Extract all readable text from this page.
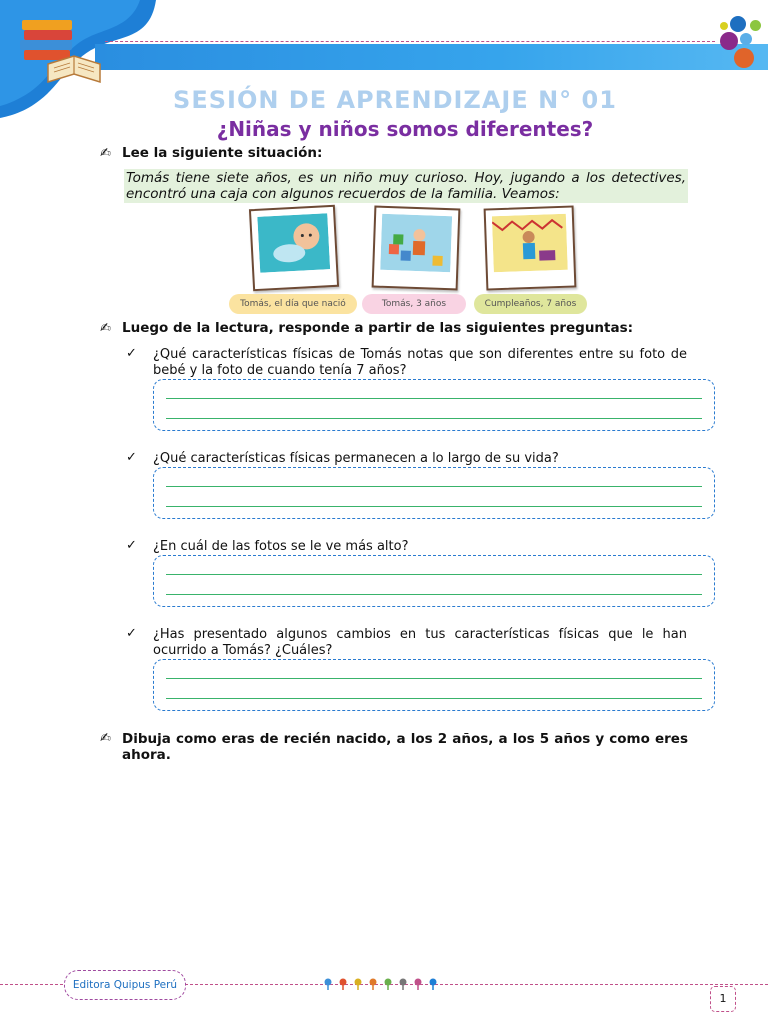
SESIÓN DE APRENDIZAJE N° 01
¿Niñas y niños somos diferentes?
✍ Lee la siguiente situación:
Tomás tiene siete años, es un niño muy curioso. Hoy, jugando a los detectives, encontró una caja con algunos recuerdos de la familia. Veamos:
Tomás, el día que nació	Tomás, 3 años	Cumpleaños, 7 años
✍ Luego de la lectura, responde a partir de las siguientes preguntas:
✓ ¿Qué características físicas de Tomás notas que son diferentes entre su foto de bebé y la foto de cuando tenía 7 años?
✓ ¿Qué características físicas permanecen a lo largo de su vida?
✓ ¿En cuál de las fotos se le ve más alto?
✓ ¿Has presentado algunos cambios en tus características físicas que le han ocurrido a Tomás? ¿Cuáles?
✍ Dibuja como eras de recién nacido, a los 2 años, a los 5 años y como eres ahora.
Editora Quipus Perú
1
